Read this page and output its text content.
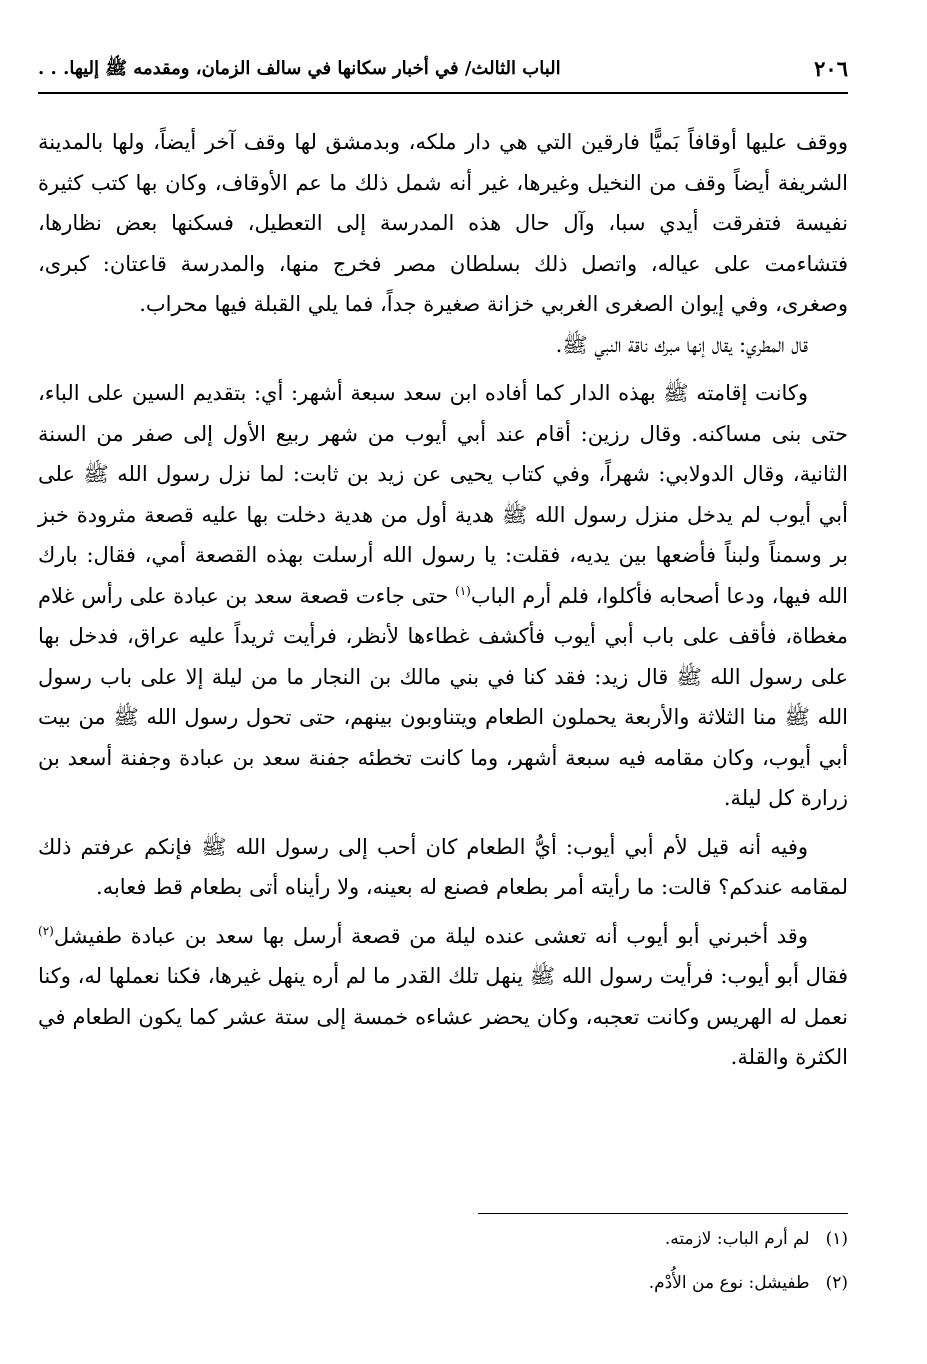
٢٠٦
الباب الثالث/ في أخبار سكانها في سالف الزمان، ومقدمه ﷺ إليها. . .

ووقف عليها أوقافاً بَميًّا فارقين التي هي دار ملكه، وبدمشق لها وقف آخر أيضاً، ولها بالمدينة الشريفة أيضاً وقف من النخيل وغيرها، غير أنه شمل ذلك ما عم الأوقاف، وكان بها كتب كثيرة نفيسة فتفرقت أيدي سبا، وآل حال هذه المدرسة إلى التعطيل، فسكنها بعض نظارها، فتشاءمت على عياله، واتصل ذلك بسلطان مصر فخرج منها، والمدرسة قاعتان: كبرى، وصغرى، وفي إيوان الصغرى الغربي خزانة صغيرة جداً، فما يلي القبلة فيها محراب.

قال المطري: يقال إنها مبرك ناقة النبي ﷺ.

وكانت إقامته ﷺ بهذه الدار كما أفاده ابن سعد سبعة أشهر: أي: بتقديم السين على الباء، حتى بنى مساكنه. وقال رزين: أقام عند أبي أيوب من شهر ربيع الأول إلى صفر من السنة الثانية، وقال الدولابي: شهراً، وفي كتاب يحيى عن زيد بن ثابت: لما نزل رسول الله ﷺ على أبي أيوب لم يدخل منزل رسول الله ﷺ هدية أول من هدية دخلت بها عليه قصعة مثرودة خبز بر وسمناً ولبناً فأضعها بين يديه، فقلت: يا رسول الله أرسلت بهذه القصعة أمي، فقال: بارك الله فيها، ودعا أصحابه فأكلوا، فلم أرم الباب$^{(١)}$ حتى جاءت قصعة سعد بن عبادة على رأس غلام مغطاة، فأقف على باب أبي أيوب فأكشف غطاءها لأنظر، فرأيت ثريداً عليه عراق، فدخل بها على رسول الله ﷺ قال زيد: فقد كنا في بني مالك بن النجار ما من ليلة إلا على باب رسول الله ﷺ منا الثلاثة والأربعة يحملون الطعام ويتناوبون بينهم، حتى تحول رسول الله ﷺ من بيت أبي أيوب، وكان مقامه فيه سبعة أشهر، وما كانت تخطئه جفنة سعد بن عبادة وجفنة أسعد بن زرارة كل ليلة.

وفيه أنه قيل لأم أبي أيوب: أيُّ الطعام كان أحب إلى رسول الله ﷺ فإنكم عرفتم ذلك لمقامه عندكم؟ قالت: ما رأيته أمر بطعام فصنع له بعينه، ولا رأيناه أتى بطعام قط فعابه.

وقد أخبرني أبو أيوب أنه تعشى عنده ليلة من قصعة أرسل بها سعد بن عبادة طفيشل$^{(٢)}$ فقال أبو أيوب: فرأيت رسول الله ﷺ ينهل تلك القدر ما لم أره ينهل غيرها، فكنا نعملها له، وكنا نعمل له الهريس وكانت تعجبه، وكان يحضر عشاءه خمسة إلى ستة عشر كما يكون الطعام في الكثرة والقلة.

(١)لم أرم الباب: لازمته.

(٢)طفيشل: نوع من الأُدْم.
